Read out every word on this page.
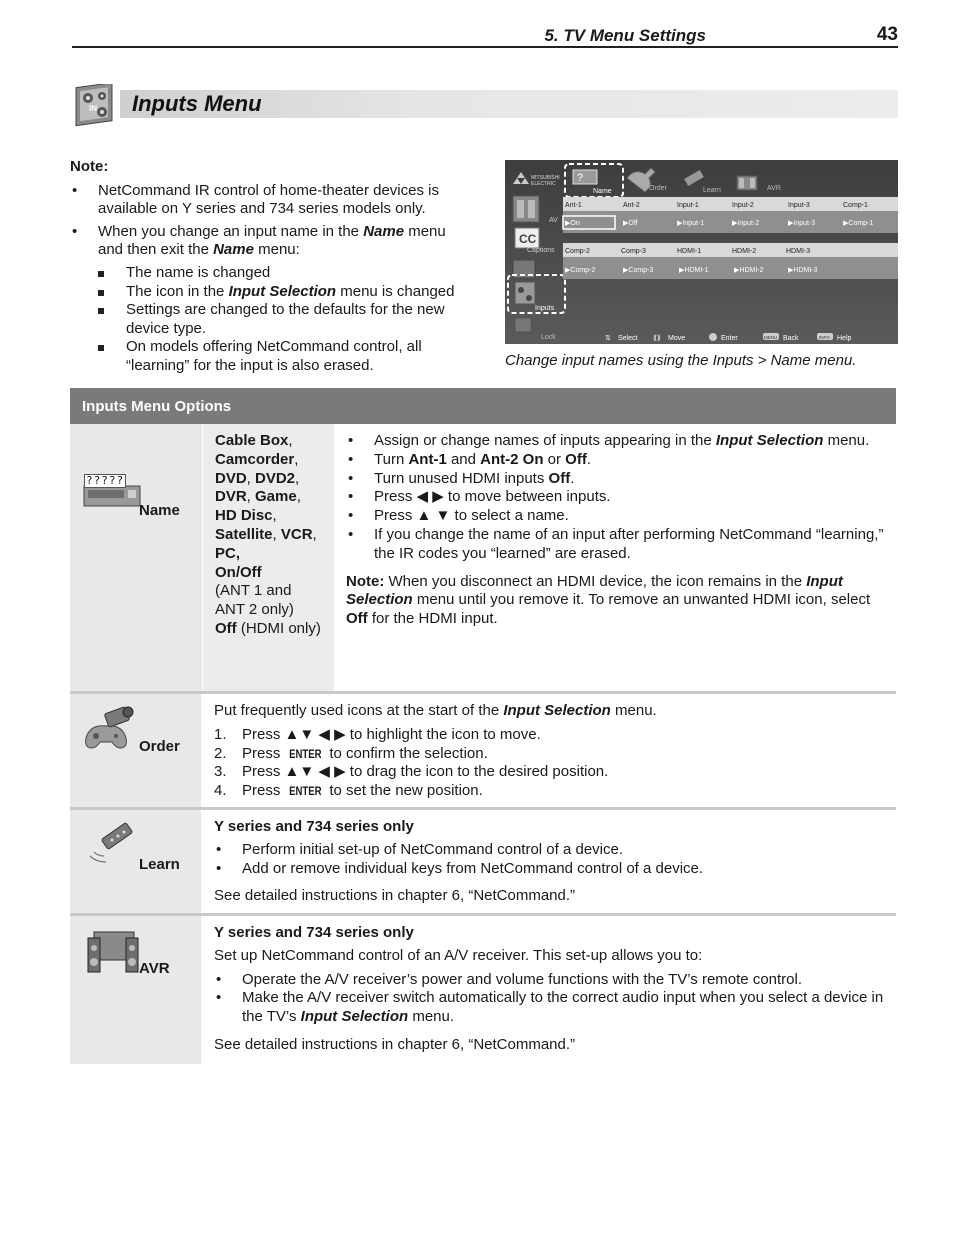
5. TV Menu Settings	43
IN Inputs Menu
Note:
• NetCommand IR control of home-theater devices is available on Y series and 734 series models only.
• When you change an input name in the Name menu and then exit the Name menu:
The name is changed
The icon in the Input Selection menu is changed
Settings are changed to the defaults for the new device type.
On models offering NetCommand control, all “learning” for the input is also erased.
MITSUBISHI
ELECTRIC ?
Name	Order	Learn	AVR
AV
CC
Captions
Inputs
Lock
Ant-1	Ant-2	Input-1	Input-2	Input-3	Comp-1
▶On	▶Off	▶Input-1	▶Input-2	▶Input-3	▶Comp-1
Comp-2	Comp-3	HDMI-1	HDMI-2	HDMI-3
▶Comp-2	▶Comp-3	▶HDMI-1	▶HDMI-2	▶HDMI-3
⇅ Select ⟪⟫ Move	Enter	MENU Back	INFO Help
Change input names using the Inputs > Name menu.
Inputs Menu Options
?????
Name
Cable Box,
Camcorder,
DVD, DVD2,
DVR, Game,
HD Disc,
Satellite, VCR,
PC,
On/Off
(ANT 1 and
ANT 2 only)
Off (HDMI only)
• Assign or change names of inputs appearing in the Input Selection menu.
• Turn Ant-1 and Ant-2 On or Off.
• Turn unused HDMI inputs Off.
• Press ◀ ▶ to move between inputs.
• Press ▲ ▼ to select a name.
• If you change the name of an input after performing NetCommand “learning,” the IR codes you “learned” are erased.

Note: When you disconnect an HDMI device, the icon remains in the Input Selection menu until you remove it. To remove an unwanted HDMI icon, select Off for the HDMI input.

Order

Put frequently used icons at the start of the Input Selection menu.

1. Press ▲▼ ◀ ▶ to highlight the icon to move.
2. Press ENTER to confirm the selection.
3. Press ▲▼ ◀ ▶ to drag the icon to the desired position.
4. Press ENTER to set the new position.
Learn

Y series and 734 series only

• Perform initial set-up of NetCommand control of a device.
• Add or remove individual keys from NetCommand control of a device.

See detailed instructions in chapter 6, “NetCommand.”

AVR

Y series and 734 series only

Set up NetCommand control of an A/V receiver. This set-up allows you to:

• Operate the A/V receiver’s power and volume functions with the TV’s remote control.
• Make the A/V receiver switch automatically to the correct audio input when you select a device in the TV’s Input Selection menu.

See detailed instructions in chapter 6, “NetCommand.”
